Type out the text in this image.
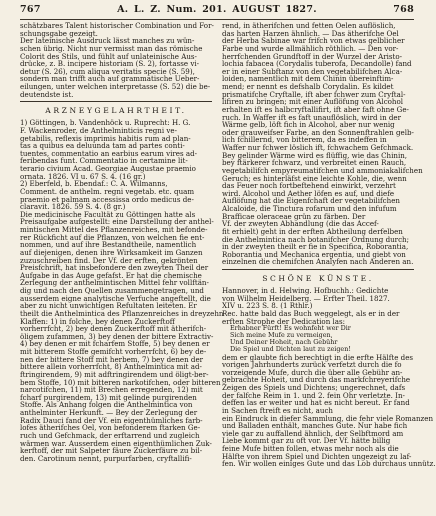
767	A. L. Z. Num. 201. AUGUST 1827.	768
schätzbares Talent historischer Combination und For-
schungsgabe gezeigt.
Der lateinische Ausdruck lässt manches zu wün-
schen übrig. Nicht nur vermisst man das römische
Colorit des Stils, und fühlt auf unlateinische Aus-
drücke, z. B. incipere historiam (S. 2), fortasse vi-
detur (S. 26), cum aliqua veritatis specie (S. 59),
sondern man trifft auch auf grammatische Ueber-
eilungen, unter welchen interpretasse (S. 52) die be-
deutendste ist.
ARZNEYGELAHRTHEIT.
1) Göttingen, b. Vandenhöck u. Ruprecht: H. G.
F. Wackenroder, de Anthelminticis regni ve-
getabilis, reflexis imprimis habitis rum ad plan-
tas a quibus ea deluunda tam ad partes conti-
tuentes, commentatio an earbius earum vires ad-
feribendas funt. Commentatio in certamine lit-
terario civium Acad. Georgiae Augustae praemio
ornata. 1826. VI u. 67 S. 4. (16 gr.)
2) Eberfeld, b. Ebendaf.: C. A. Wilmanns,
Comment. de anthelm. regni vegetab. etc. quam
praemio et palmam accessissa ordo medicus de-
claravit. 1826. 59 S. 4. (8 gr.)
Die medicinische Facultät zu Göttingen hatte als
Preisaufgabe aufgestellt: eine Darstellung der anthel-
mintischen Mittel des Pflanzenreiches, mit befonde-
rer Rückficht auf die Pflanzen, von welchen fie ent-
nommen, und auf ihre Bestandtheile, namentlich
auf diejenigen, denen ihre Wirksamkeit im Ganzen
zuzuschreiben find. Der Vf. der erften, gekrönten
Preisfchrift, hat insbefondere den zweyten Theil der
Aufgabe in das Auge gefafst. Er hat die chemische
Zerlegung der anthelmintischen Mittel fehr vollftän-
dig und nach den Quellen zusammengetragen, und
ausserdem eigne analytische Verfuche angeftellt, die
aber zu nicht unwichtigen Refultaten leiteten. Er
theilt die Anthelmintica des Pflanzenreiches in dreyzehn
Klaffen: 1) in folche, bey denen Zuckerftoff
vorherrfcht, 2) bey denen Zuckerftoff mit ätherifch-
öligem zufammen, 3) bey denen der bittere Extractiv-
4) bey denen er mit fcharfem Stoffe, 5) bey denen er
mit bitterem Stoffe gemifcht vorherrfcht, 6) bey de-
nen der bittere Stoff mit herbem, 7) bey denen der
bittere allein vorherrfcht, 8) Anthelmintica mit ad-
ftringirendem, 9) mit adftringirendem und öligt-ber-
bem Stoffe, 10) mit bitteren narkotifchen, oder bitteren
narcotifchen, 11) mit Brechen erregenden, 12) mit
fcharf purgirendem, 13) mit gelinde purgirenden
Stoffe. Als Anhang folgen die Anthelmintica von
anthelminter Herkunft. — Bey der Zerlegung der
Radix Dauci fand der Vf. ein eigenthümliches farb-
lofes ätherifches Oel, von befonderem ftarken Ge-
ruch und Gefchmack, der erftarrend und zugleich
wärmen war. Ausserdem einen eigenthümlichen Zuk-
kerftoff, der mit Salpeter fäure Zuckerfäure zu bil-
den. Carotinum nennt, purpurfarben, cryftallifi-
rend, in ätherifchen und fetten Oelen auflöslich,
das harten Harzen ähnlich. — Das ätherifche Oel
der Herba Sabinae war frifch von etwas gelblicher
Farbe und wurde allmählich röthlich. — Den vor-
herrfchenden Grundftoff in der Wurzel der Aristo-
lochia fabacea (Corydalis tuberofa, Decandolle) fand
er in einer Subftanz von den vegetabilifchen Alca-
loiden, namentlich mit dem Chinin übereinftim-
mend; er nennt es defshalb Corydalin. Es kildet
prismatifche Cryftalle, ift aber fchwer zum Cryftal-
lifiren zu bringen; mit einer Auflöfung von Alcohol
erhalten ift es halbcryftallifirt, ift aber faft ohne Ge-
ruch. In Waffer ift es faft unauflöslich, wird in der
Wärme gelb, löft fich in Alcohol, aber nur wenig
oder grauweifser Farbe, an den Sonnenftrahlen gelb-
lich fchillernd, von bitterem, da es indeffen in
Waffer nur fchwer löslich ift, fchwachem Gefchmack.
Bey gelinder Wärme wird es flüffig, wie das Chinin,
bey ftärkerer fchwarz, und verbreitet einen Rauch,
vegetabilifch empyreumatifchen und ammoniakalifchen
Geruch; es hinterläfst eine leichte Kohle, die, wenn
das Feuer noch fortbeftehend einwirkt, verzehrt
wird. Alcohol und Aether löfen es auf, und diefe
Auflöfung hat die Eigenfchaft der vegetabilifchen
Alcaloide, die Tinctura rofarum und den infufum
Brafficae oleraceae grün zu färben. Der
Vf. der zweyten Abhandlung (die das Accef-
fit erhielt) geht in der erften Abtheilung derfelben
die Anthelmintica nach botanifcher Ordnung durch;
in der zweyten theilt er fie in Specifica, Roborantia,
Roborantia und Mechanica ergentia, und giebt von
einzelnen die chemifchen Analyfen nach Anderen an.
SCHÖNE KÜNSTE.
Hannover, in d. Helwing. Hofbuchh.: Gedichte
von Wilhelm Heidelberg. — Erfter Theil. 1827.
XIV u. 223 S. 8. (1 Rthlr.)
Rec. hatte bald das Buch weggelegt, als er in der
erften Strophe der Dedication las:
Erhabner Fürft! Es wohnfeht wer Dir
Sich meine Mufe zu vermeigen,
Und Deiner Hoheit, nach Gebühr
Die Spiel und Dichten laut zu zeigen!
dem er glaubte fich berechtigt in die erfte Hälfte des
vorigen Jahrhunderts zurück verfetzt durch die fo
vorzeigende Mufe, durch die über alle Gebühr an-
gebrachte Hoheit, und durch das markfchreyerifche
Zeigen des Spiels und Dichtens; ungerechnet, dafs
der falfche Reim in 1. und 2. fein Ohr verletzte. In-
deffen las er weiter und hat es nicht bereut. Er fand
in Sachen ftreift es nicht, auch
ein Eindruck in diefer Sammlung, die fehr viele Romanzen
und Balladen enthält, manches Gute. Nur habe fich
viele gar zu auffallend ähnlich, der Selbftmord am
Liebe kommt gar zu oft vor. Der Vf. hätte billig
feine Mufe bitten follen, etwas mehr noch als die
Hälfte von ihrem Spiel und Dichten ungezeigt zu laf-
fen. Wir wollen einiges Gute und das Lob durchaus unnütz.
